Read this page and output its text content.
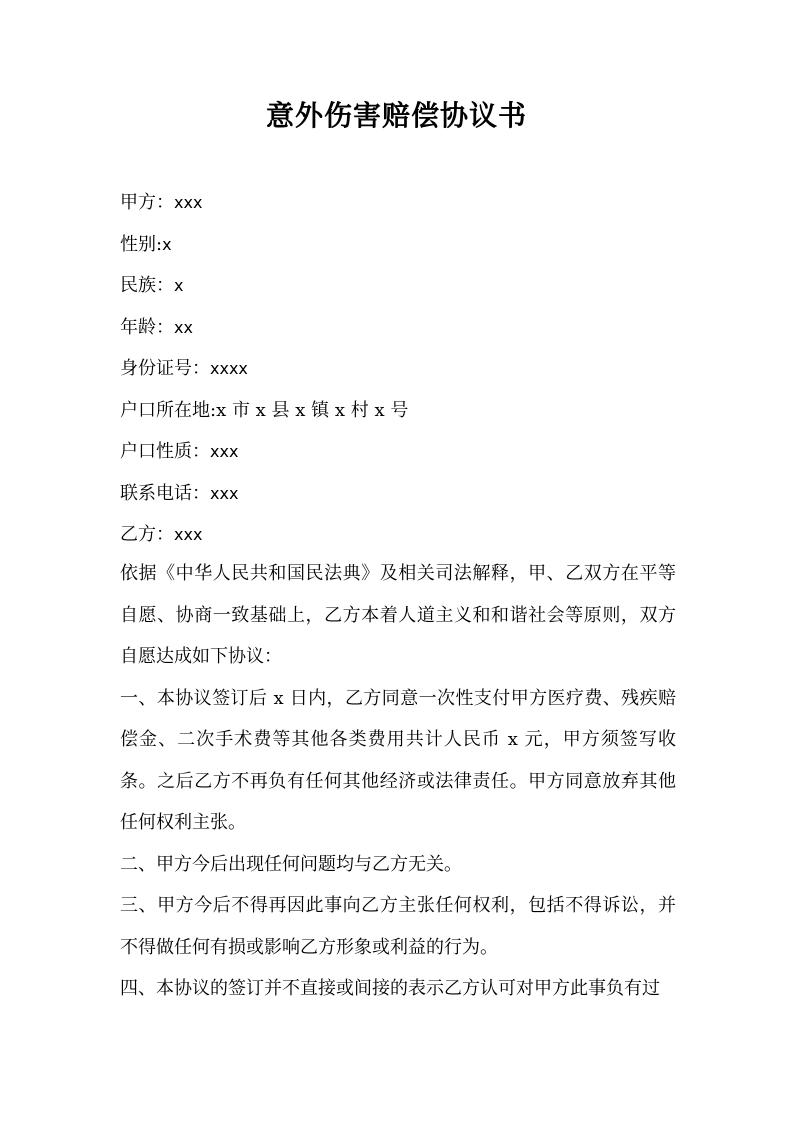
意外伤害赔偿协议书
甲方：xxx
性别:x
民族：x
年龄：xx
身份证号：xxxx
户口所在地:x 市 x 县 x 镇 x 村 x 号
户口性质：xxx
联系电话：xxx
乙方：xxx

依据《中华人民共和国民法典》及相关司法解释，甲、乙双方在平等自愿、协商一致基础上，乙方本着人道主义和和谐社会等原则，双方自愿达成如下协议：

一、本协议签订后 x 日内，乙方同意一次性支付甲方医疗费、残疾赔偿金、二次手术费等其他各类费用共计人民币 x 元，甲方须签写收条。之后乙方不再负有任何其他经济或法律责任。甲方同意放弃其他任何权利主张。

二、甲方今后出现任何问题均与乙方无关。

三、甲方今后不得再因此事向乙方主张任何权利，包括不得诉讼，并不得做任何有损或影响乙方形象或利益的行为。

四、本协议的签订并不直接或间接的表示乙方认可对甲方此事负有过
